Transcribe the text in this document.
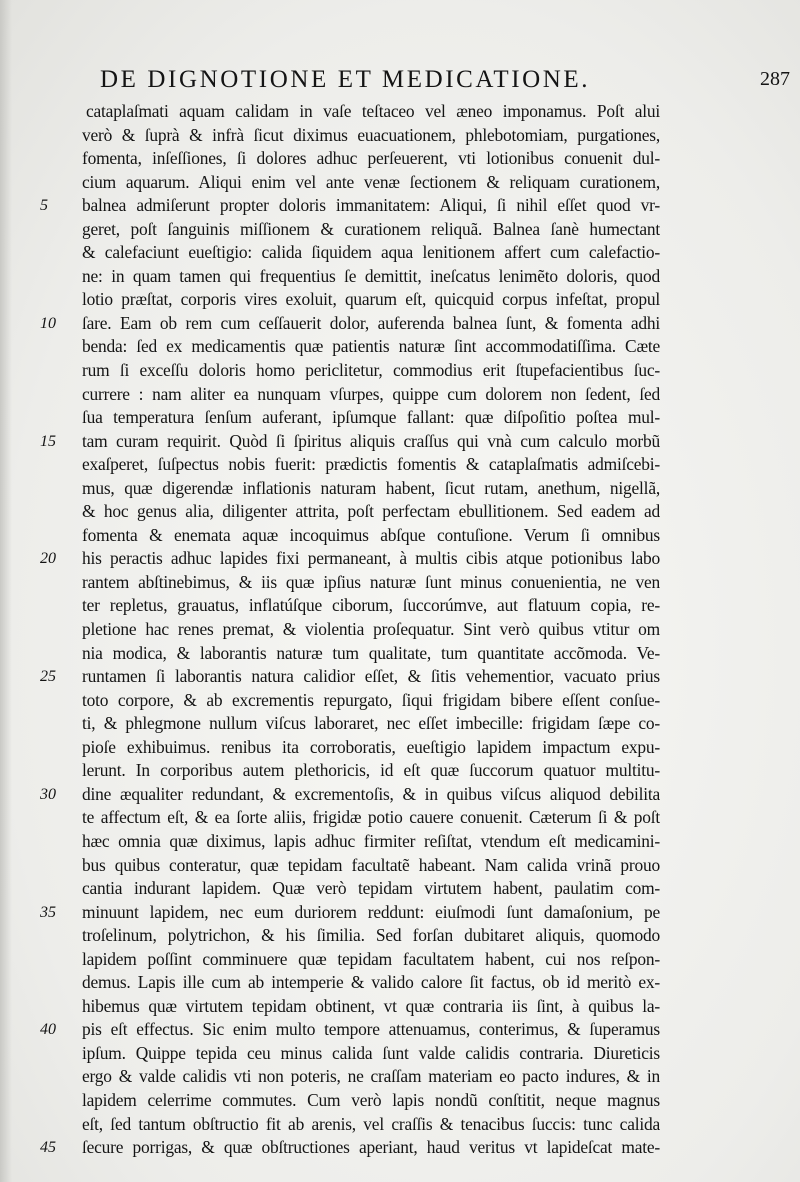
DE DIGNOTIONE ET MEDICATIONE.	287
5
10
15
20
25
30
35
40
45
cataplaſmati aquam calidam in vaſe teſtaceo vel æneo imponamus. Poſt alui
verò & ſuprà & infrà ſicut diximus euacuationem, phlebotomiam, purgationes,
fomenta, inſeſſiones, ſi dolores adhuc perſeuerent, vti lotionibus conuenit dul-
cium aquarum. Aliqui enim vel ante venæ ſectionem & reliquam curationem,
balnea admiſerunt propter doloris immanitatem: Aliqui, ſi nihil eſſet quod vr-
geret, poſt ſanguinis miſſionem & curationem reliquã. Balnea ſanè humectant
& calefaciunt eueſtigio: calida ſiquidem aqua lenitionem affert cum calefactio-
ne: in quam tamen qui frequentius ſe demittit, ineſcatus lenimẽto doloris, quod
lotio præſtat, corporis vires exoluit, quarum eſt, quicquid corpus infeſtat, propul
ſare. Eam ob rem cum ceſſauerit dolor, auferenda balnea ſunt, & fomenta adhi
benda: ſed ex medicamentis quæ patientis naturæ ſint accommodatiſſima. Cæte
rum ſi exceſſu doloris homo periclitetur, commodius erit ſtupefacientibus ſuc-
currere : nam aliter ea nunquam vſurpes, quippe cum dolorem non ſedent, ſed
ſua temperatura ſenſum auferant, ipſumque fallant: quæ diſpoſitio poſtea mul-
tam curam requirit. Quòd ſi ſpiritus aliquis craſſus qui vnà cum calculo morbũ
exaſperet, ſuſpectus nobis fuerit: prædictis fomentis & cataplaſmatis admiſcebi-
mus, quæ digerendæ inflationis naturam habent, ſicut rutam, anethum, nigellã,
& hoc genus alia, diligenter attrita, poſt perfectam ebullitionem. Sed eadem ad
fomenta & enemata aquæ incoquimus abſque contuſione. Verum ſi omnibus
his peractis adhuc lapides fixi permaneant, à multis cibis atque potionibus labo
rantem abſtinebimus, & iis quæ ipſius naturæ ſunt minus conuenientia, ne ven
ter repletus, grauatus, inflatúſque ciborum, ſuccorúmve, aut flatuum copia, re-
pletione hac renes premat, & violentia proſequatur. Sint verò quibus vtitur om
nia modica, & laborantis naturæ tum qualitate, tum quantitate accõmoda. Ve-
runtamen ſi laborantis natura calidior eſſet, & ſitis vehementior, vacuato prius
toto corpore, & ab excrementis repurgato, ſiqui frigidam bibere eſſent conſue-
ti, & phlegmone nullum viſcus laboraret, nec eſſet imbecille: frigidam ſæpe co-
pioſe exhibuimus. renibus ita corroboratis, eueſtigio lapidem impactum expu-
lerunt. In corporibus autem plethoricis, id eſt quæ ſuccorum quatuor multitu-
dine æqualiter redundant, & excrementoſis, & in quibus viſcus aliquod debilita
te affectum eſt, & ea ſorte aliis, frigidæ potio cauere conuenit. Cæterum ſi & poſt
hæc omnia quæ diximus, lapis adhuc firmiter reſiſtat, vtendum eſt medicamini-
bus quibus conteratur, quæ tepidam facultatẽ habeant. Nam calida vrinã prouo
cantia indurant lapidem. Quæ verò tepidam virtutem habent, paulatim com-
minuunt lapidem, nec eum duriorem reddunt: eiuſmodi ſunt damaſonium, pe
troſelinum, polytrichon, & his ſimilia. Sed forſan dubitaret aliquis, quomodo
lapidem poſſint comminuere quæ tepidam facultatem habent, cui nos reſpon-
demus. Lapis ille cum ab intemperie & valido calore ſit factus, ob id meritò ex-
hibemus quæ virtutem tepidam obtinent, vt quæ contraria iis ſint, à quibus la-
pis eſt effectus. Sic enim multo tempore attenuamus, conterimus, & ſuperamus
ipſum. Quippe tepida ceu minus calida ſunt valde calidis contraria. Diureticis
ergo & valde calidis vti non poteris, ne craſſam materiam eo pacto indures, & in
lapidem celerrime commutes. Cum verò lapis nondũ conſtitit, neque magnus
eſt, ſed tantum obſtructio fit ab arenis, vel craſſis & tenacibus ſuccis: tunc calida
ſecure porrigas, & quæ obſtructiones aperiant, haud veritus vt lapideſcat mate-
